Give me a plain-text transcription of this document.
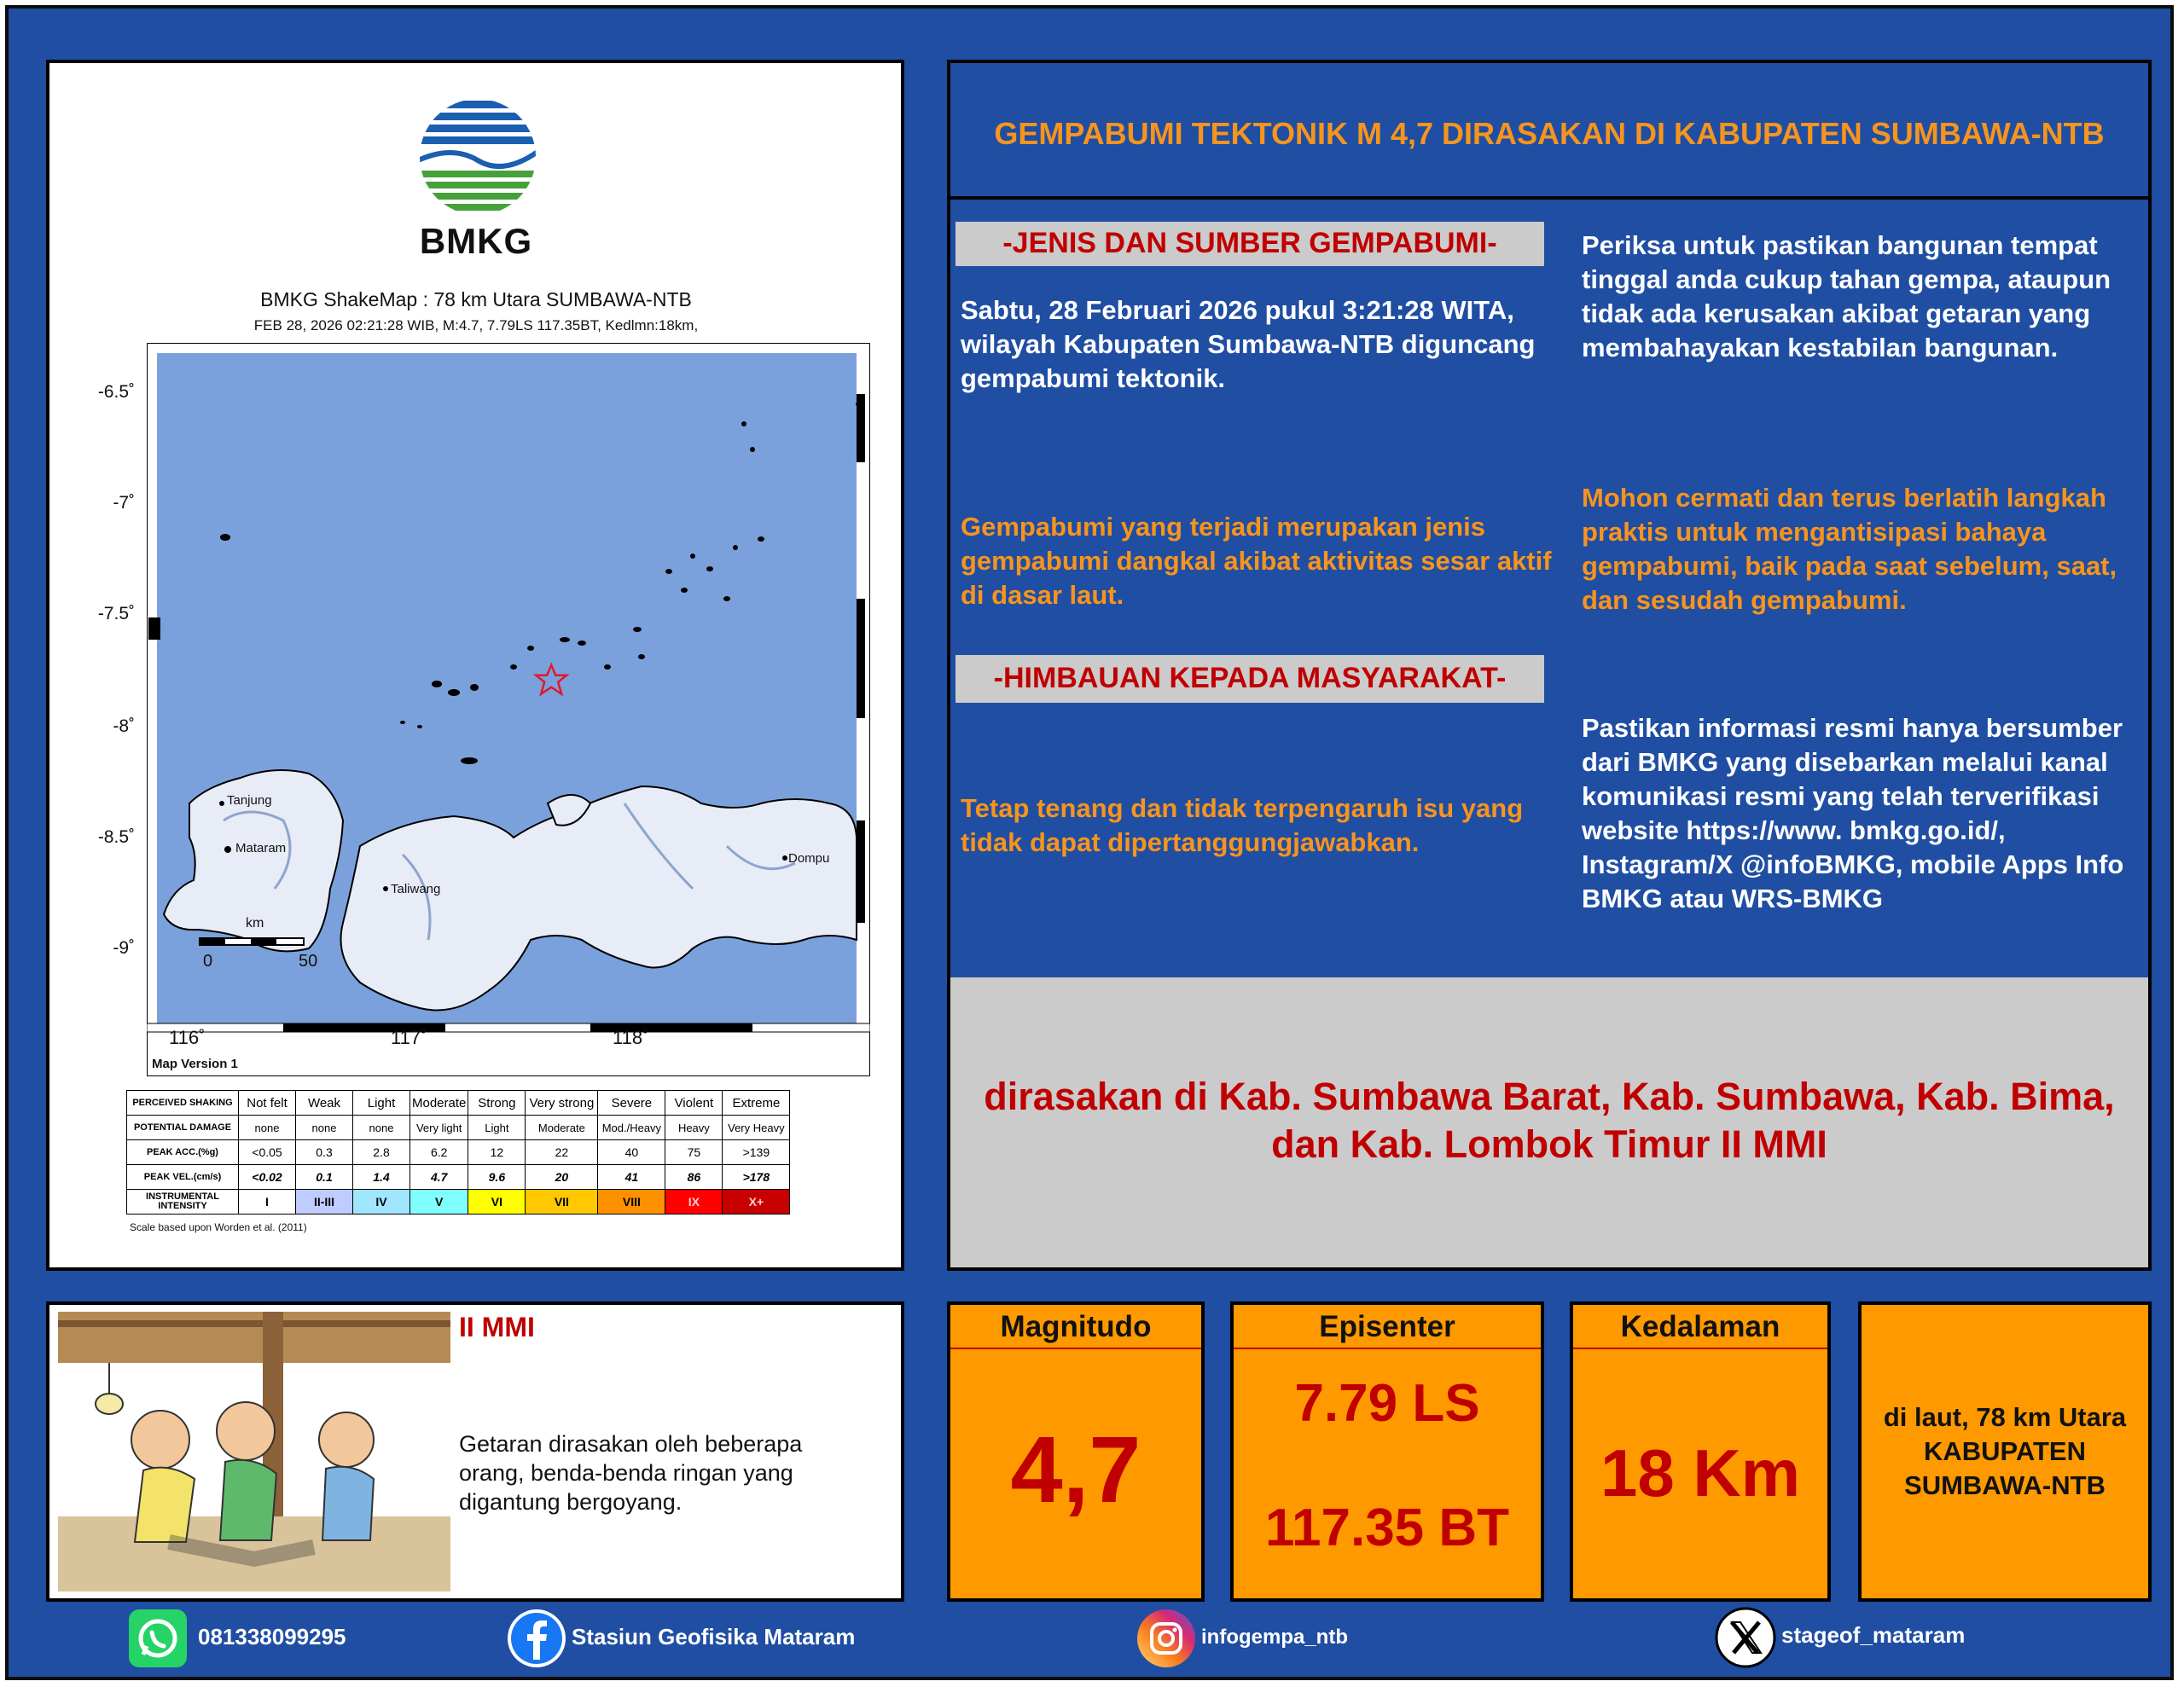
BMKG
BMKG ShakeMap : 78 km Utara SUMBAWA-NTB
FEB 28, 2026 02:21:28 WIB, M:4.7, 7.79LS 117.35BT, Kedlmn:18km,
Tanjung
Mataram
Taliwang
Dompu
km
0	50
-6.5˚
-7˚
-7.5˚
-8˚
-8.5˚
-9˚
116˚	117˚	118˚
Map Version 1
PERCEIVED SHAKING	Not felt	Weak	Light	Moderate	Strong	Very strong	Severe	Violent	Extreme
POTENTIAL DAMAGE	none	none	none	Very light	Light	Moderate	Mod./Heavy	Heavy	Very Heavy
PEAK ACC.(%g)	<0.05	0.3	2.8	6.2	12	22	40	75	>139
PEAK VEL.(cm/s)	<0.02	0.1	1.4	4.7	9.6	20	41	86	>178
INSTRUMENTAL INTENSITY	I	II-III	IV	V	VI	VII	VIII	IX	X+
Scale based upon Worden et al. (2011)
GEMPABUMI TEKTONIK M 4,7 DIRASAKAN DI KABUPATEN SUMBAWA-NTB
-JENIS DAN SUMBER GEMPABUMI-
Sabtu, 28 Februari 2026 pukul 3:21:28 WITA, wilayah Kabupaten Sumbawa-NTB diguncang gempabumi tektonik.
Gempabumi yang terjadi merupakan jenis gempabumi dangkal akibat aktivitas sesar aktif di dasar laut.
-HIMBAUAN KEPADA MASYARAKAT-
Tetap tenang dan tidak terpengaruh isu yang tidak dapat dipertanggungjawabkan.
Periksa untuk pastikan bangunan tempat tinggal anda cukup tahan gempa, ataupun tidak ada kerusakan akibat getaran yang membahayakan kestabilan bangunan.
Mohon cermati dan terus berlatih langkah praktis untuk mengantisipasi bahaya gempabumi, baik pada saat sebelum, saat, dan sesudah gempabumi.
Pastikan informasi resmi hanya bersumber dari BMKG yang disebarkan melalui kanal komunikasi resmi yang telah terverifikasi website https://www. bmkg.go.id/, Instagram/X @infoBMKG, mobile Apps Info BMKG atau WRS-BMKG
dirasakan di Kab. Sumbawa Barat, Kab. Sumbawa, Kab. Bima, dan Kab. Lombok Timur II MMI
II MMI
Getaran dirasakan oleh beberapa orang, benda-benda ringan yang digantung bergoyang.
Magnitudo
4,7
Episenter
7.79 LS
117.35 BT
Kedalaman
18 Km
di laut, 78 km Utara KABUPATEN SUMBAWA-NTB
081338099295	Stasiun Geofisika Mataram	infogempa_ntb	stageof_mataram
